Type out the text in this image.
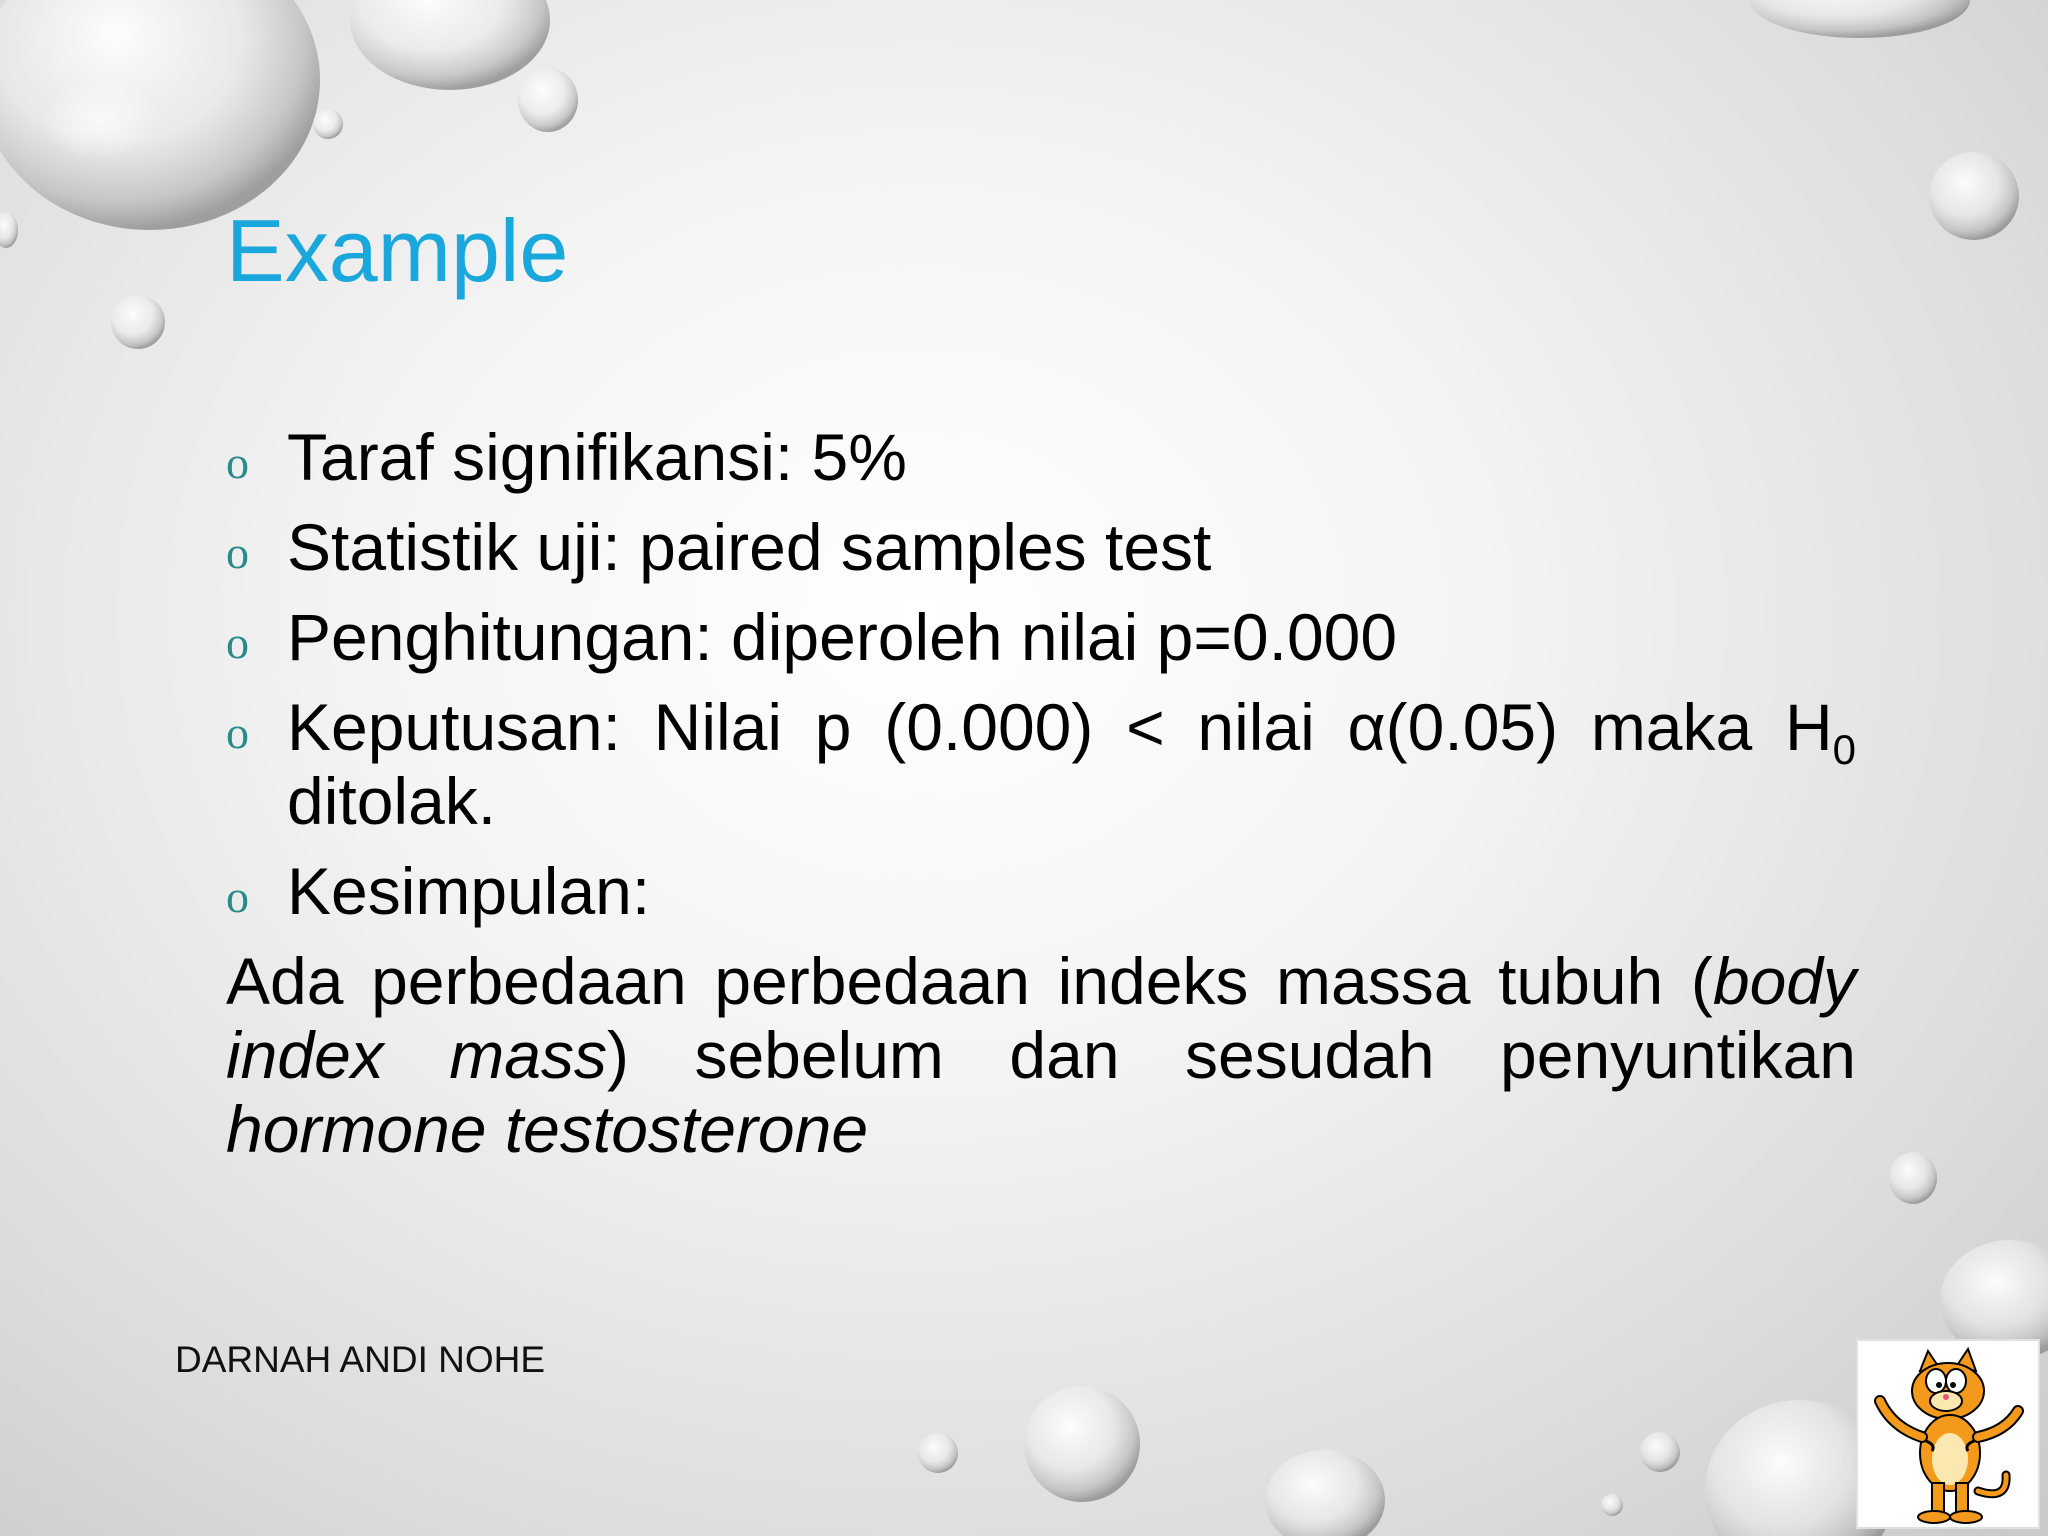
Example
o Taraf signifikansi: 5%
o Statistik uji: paired samples test
o Penghitungan: diperoleh nilai p=0.000
o Keputusan: Nilai p (0.000) < nilai α(0.05) maka $H_0$ ditolak.
o Kesimpulan:

Ada perbedaan perbedaan indeks massa tubuh (body index mass) sebelum dan sesudah penyuntikan hormone testosterone

DARNAH ANDI NOHE
